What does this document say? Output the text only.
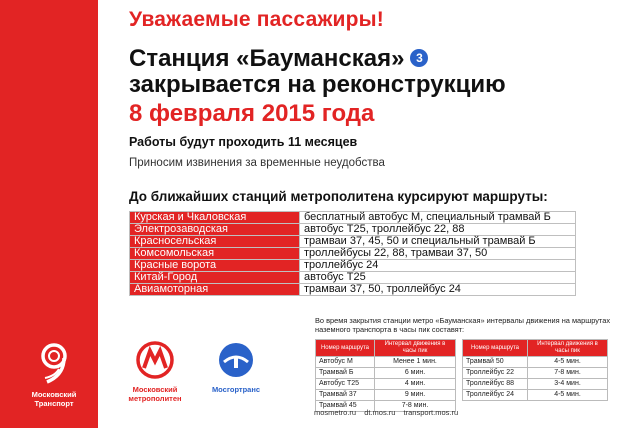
Уважаемые пассажиры!
Станция «Бауманская» 3
закрывается на реконструкцию
8 февраля 2015 года
Работы будут проходить 11 месяцев
Приносим извинения за временные неудобства
До ближайших станций метрополитена курсируют маршруты:
Курская и Чкаловская	бесплатный автобус М, специальный трамвай Б
Электрозаводская	автобус Т25, троллейбус 22, 88
Красносельская	трамваи 37, 45, 50 и специальный трамвай Б
Комсомольская	троллейбусы 22, 88, трамваи 37, 50
Красные ворота	троллейбус 24
Китай-Город	автобус Т25
Авиамоторная	трамваи 37, 50, троллейбус 24
Во время закрытия станции метро «Бауманская» интервалы движения на маршрутах наземного транспорта в часы пик составят:
Номер маршрута	Интервал движения в часы пик
Автобус М	Менее 1 мин.
Трамвай Б	6 мин.
Автобус Т25	4 мин.
Трамвай 37	9 мин.
Трамвай 45	7-8 мин.
Номер маршрута	Интервал движения в часы пик
Трамвай 50	4-5 мин.
Троллейбус 22	7-8 мин.
Троллейбус 88	3-4 мин.
Троллейбус 24	4-5 мин.
mosmetro.ru dt.mos.ru transport.mos.ru
Московский
Транспорт
Московский
метрополитен
Мосгортранс
